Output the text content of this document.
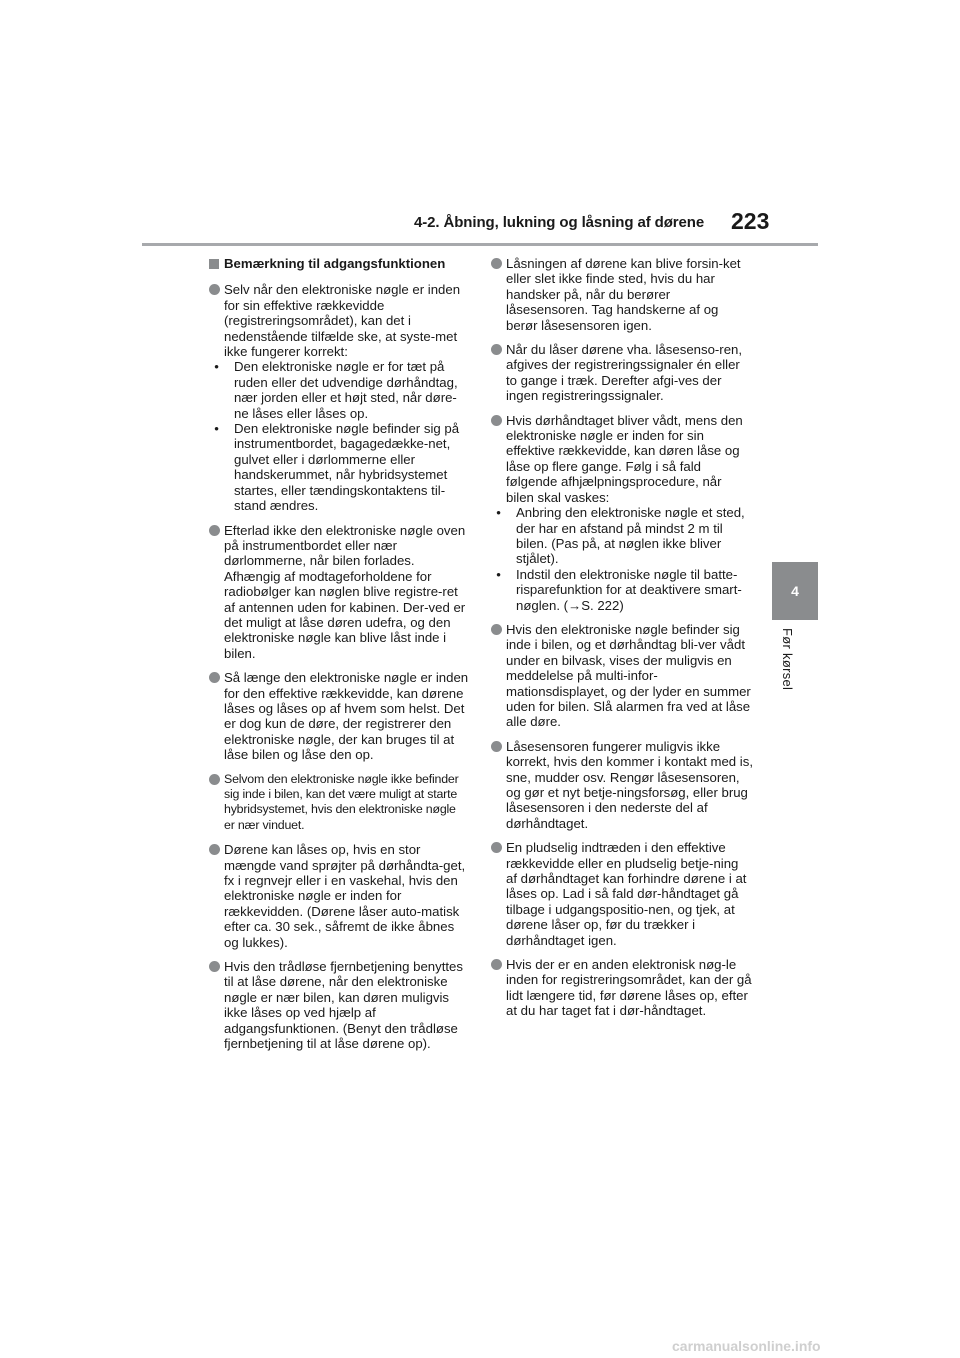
4-2. Åbning, lukning og låsning af dørene 223
4
Før kørsel
Bemærkning til adgangsfunktionen

Selv når den elektroniske nøgle er inden for sin effektive rækkevidde (registreringsområdet), kan det i nedenstående tilfælde ske, at syste-met ikke fungerer korrekt:

•	Den elektroniske nøgle er for tæt på ruden eller det udvendige dørhåndtag, nær jorden eller et højt sted, når døre-ne låses eller låses op.

•	Den elektroniske nøgle befinder sig på instrumentbordet, bagagedække-net, gulvet eller i dørlommerne eller handskerummet, når hybridsystemet startes, eller tændingskontaktens til-stand ændres.

Efterlad ikke den elektroniske nøgle oven på instrumentbordet eller nær dørlommerne, når bilen forlades. Afhængig af modtageforholdene for radiobølger kan nøglen blive registre-ret af antennen uden for kabinen. Der-ved er det muligt at låse døren udefra, og den elektroniske nøgle kan blive låst inde i bilen.

Så længe den elektroniske nøgle er inden for den effektive rækkevidde, kan dørene låses og låses op af hvem som helst. Det er dog kun de døre, der registrerer den elektroniske nøgle, der kan bruges til at låse bilen og låse den op.

Selvom den elektroniske nøgle ikke befinder sig inde i bilen, kan det være muligt at starte hybridsystemet, hvis den elektroniske nøgle er nær vinduet.

Dørene kan låses op, hvis en stor mængde vand sprøjter på dørhåndta-get, fx i regnvejr eller i en vaskehal, hvis den elektroniske nøgle er inden for rækkevidden. (Dørene låser auto-matisk efter ca. 30 sek., såfremt de ikke åbnes og lukkes).

Hvis den trådløse fjernbetjening benyttes til at låse dørene, når den elektroniske nøgle er nær bilen, kan døren muligvis ikke låses op ved hjælp af adgangsfunktionen. (Benyt den trådløse fjernbetjening til at låse dørene op).

Låsningen af dørene kan blive forsin-ket eller slet ikke finde sted, hvis du har handsker på, når du berører låsesensoren. Tag handskerne af og berør låsesensoren igen.

Når du låser dørene vha. låsesenso-ren, afgives der registreringssignaler én eller to gange i træk. Derefter afgi-ves der ingen registreringssignaler.

Hvis dørhåndtaget bliver vådt, mens den elektroniske nøgle er inden for sin effektive rækkevidde, kan døren låse og låse op flere gange. Følg i så fald følgende afhjælpningsprocedure, når bilen skal vaskes:

•	Anbring den elektroniske nøgle et sted, der har en afstand på mindst 2 m til bilen. (Pas på, at nøglen ikke bliver stjålet).

•	Indstil den elektroniske nøgle til batte-risparefunktion for at deaktivere smart-nøglen. (→S. 222)

Hvis den elektroniske nøgle befinder sig inde i bilen, og et dørhåndtag bli-ver vådt under en bilvask, vises der muligvis en meddelelse på multi-infor-mationsdisplayet, og der lyder en summer uden for bilen. Slå alarmen fra ved at låse alle døre.

Låsesensoren fungerer muligvis ikke korrekt, hvis den kommer i kontakt med is, sne, mudder osv. Rengør låsesensoren, og gør et nyt betje-ningsforsøg, eller brug låsesensoren i den nederste del af dørhåndtaget.

En pludselig indtræden i den effektive rækkevidde eller en pludselig betje-ning af dørhåndtaget kan forhindre dørene i at låses op. Lad i så fald dør-håndtaget gå tilbage i udgangspositio-nen, og tjek, at dørene låser op, før du trækker i dørhåndtaget igen.

Hvis der er en anden elektronisk nøg-le inden for registreringsområdet, kan der gå lidt længere tid, før dørene låses op, efter at du har taget fat i dør-håndtaget.

carmanualsonline.info
